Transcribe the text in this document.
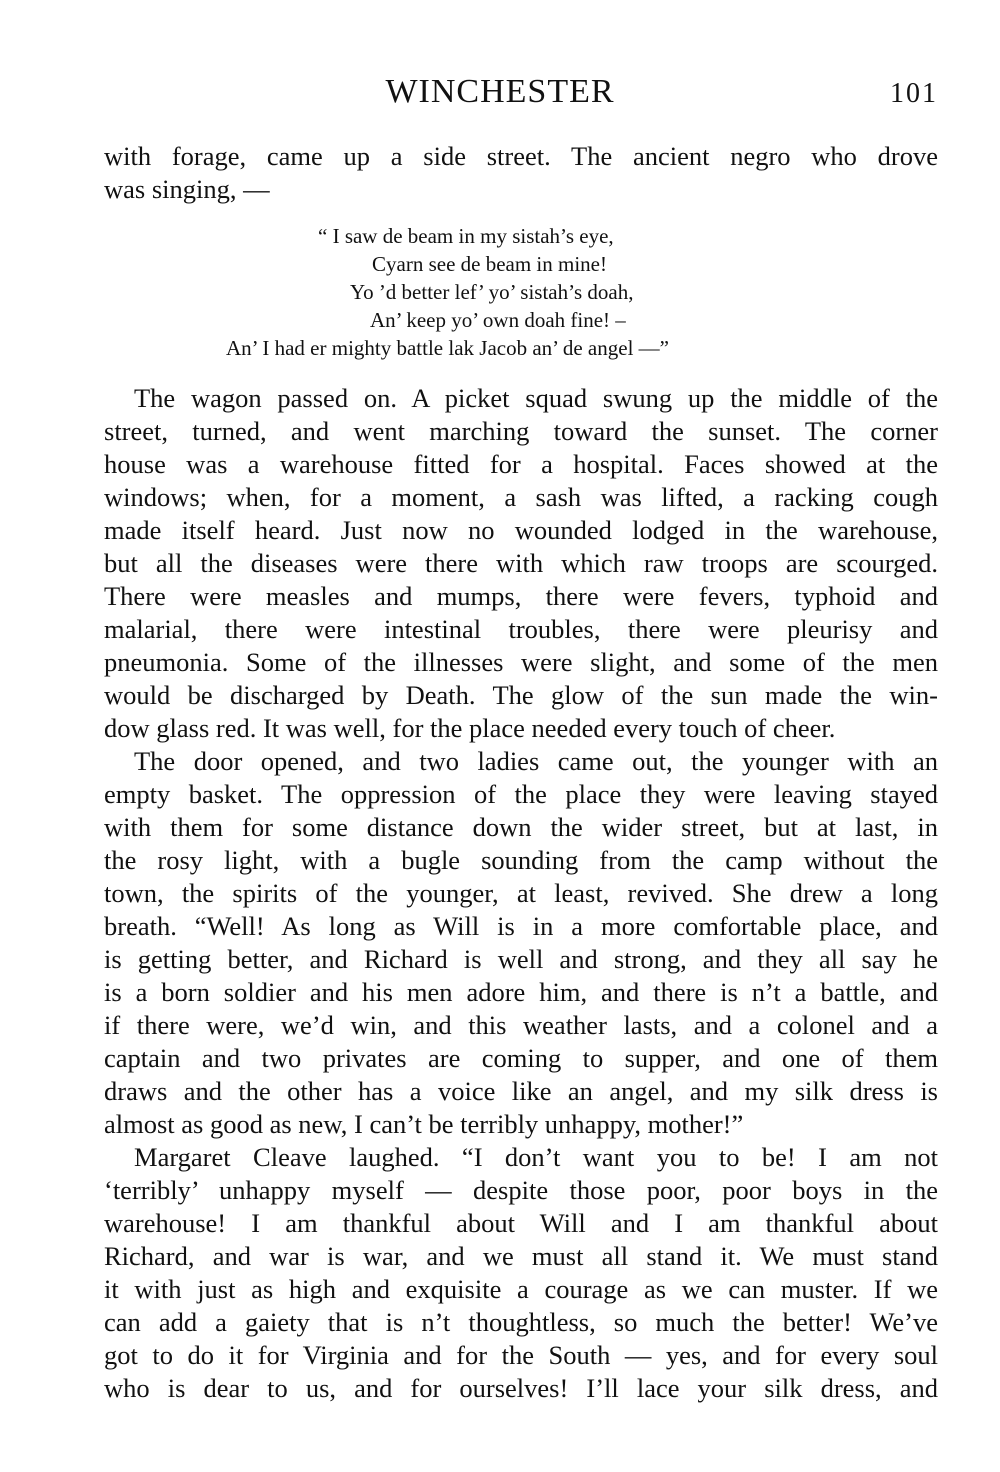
WINCHESTER	101
with forage, came up a side street. The ancient negro who drove
was singing, —
“ I saw de beam in my sistah’s eye,
Cyarn see de beam in mine!
Yo ’d better lef’ yo’ sistah’s doah,
An’ keep yo’ own doah fine! –
An’ I had er mighty battle lak Jacob an’ de angel —”
The wagon passed on. A picket squad swung up the middle of the
street, turned, and went marching toward the sunset. The corner
house was a warehouse fitted for a hospital. Faces showed at the
windows; when, for a moment, a sash was lifted, a racking cough
made itself heard. Just now no wounded lodged in the warehouse,
but all the diseases were there with which raw troops are scourged.
There were measles and mumps, there were fevers, typhoid and
malarial, there were intestinal troubles, there were pleurisy and
pneumonia. Some of the illnesses were slight, and some of the men
would be discharged by Death. The glow of the sun made the win-
dow glass red. It was well, for the place needed every touch of cheer.
The door opened, and two ladies came out, the younger with an
empty basket. The oppression of the place they were leaving stayed
with them for some distance down the wider street, but at last, in
the rosy light, with a bugle sounding from the camp without the
town, the spirits of the younger, at least, revived. She drew a long
breath. “Well! As long as Will is in a more comfortable place, and
is getting better, and Richard is well and strong, and they all say he
is a born soldier and his men adore him, and there is n’t a battle, and
if there were, we’d win, and this weather lasts, and a colonel and a
captain and two privates are coming to supper, and one of them
draws and the other has a voice like an angel, and my silk dress is
almost as good as new, I can’t be terribly unhappy, mother!”
Margaret Cleave laughed. “I don’t want you to be! I am not
‘terribly’ unhappy myself — despite those poor, poor boys in the
warehouse! I am thankful about Will and I am thankful about
Richard, and war is war, and we must all stand it. We must stand
it with just as high and exquisite a courage as we can muster. If we
can add a gaiety that is n’t thoughtless, so much the better! We’ve
got to do it for Virginia and for the South — yes, and for every soul
who is dear to us, and for ourselves! I’ll lace your silk dress, and
